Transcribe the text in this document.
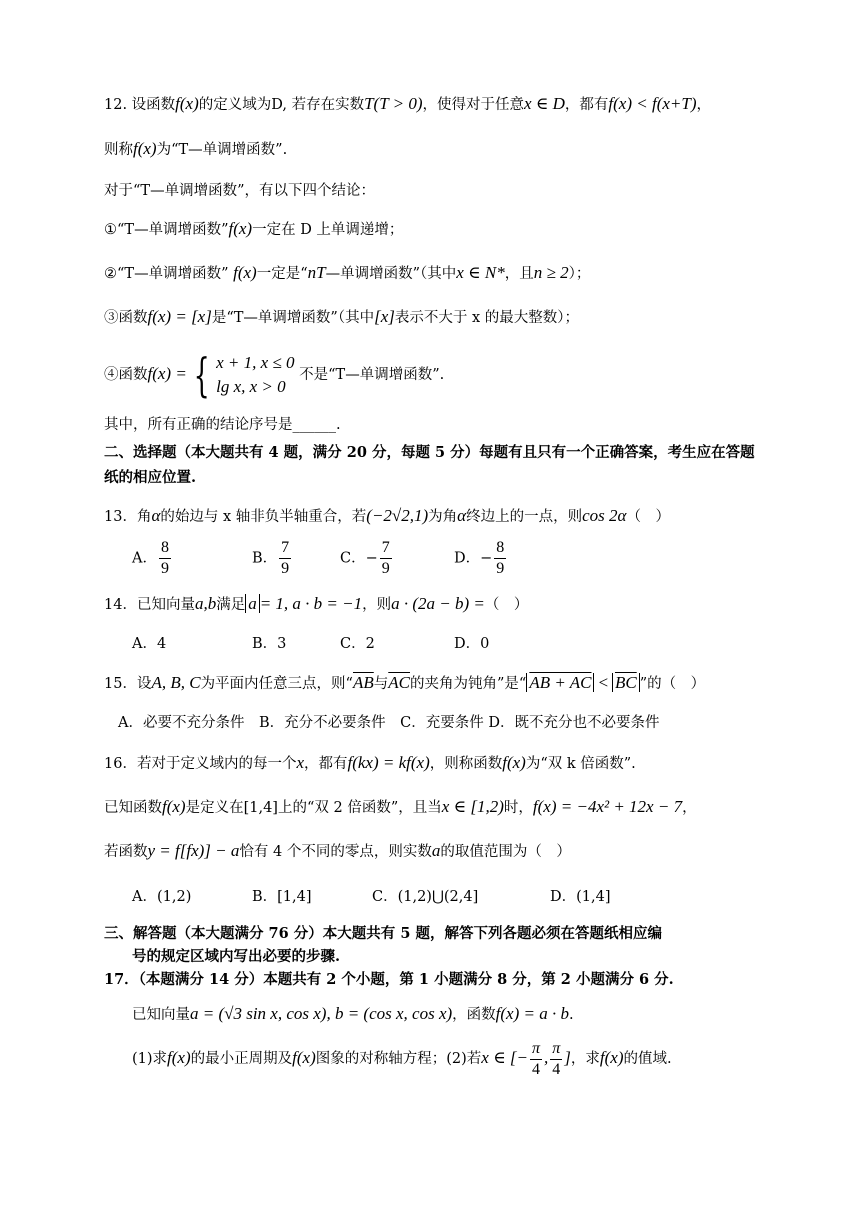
12. 设函数f(x)的定义域为D, 若存在实数T(T > 0)，使得对于任意x ∈ D，都有f(x) < f(x+T)，
则称f(x)为“T—单调增函数”.
对于“T—单调增函数”，有以下四个结论：
①“T—单调增函数”f(x)一定在 D 上单调递增；
②“T—单调增函数” f(x)一定是“nT—单调增函数”（其中x ∈ N*，且n ≥ 2）；
③函数f(x) = [x]是“T—单调增函数”（其中[x]表示不大于 x 的最大整数）；
④函数f(x) = { x + 1, x ≤ 0
lg x, x > 0
不是“T—单调增函数”.
其中，所有正确的结论序号是______.
二、选择题（本大题共有 4 题，满分 20 分，每题 5 分）每题有且只有一个正确答案，考生应在答题
纸的相应位置.
13．角α的始边与 x 轴非负半轴重合，若(−2√2,1)为角α终边上的一点，则cos 2α（　）
A． $\frac{8}{9}$	B． $\frac{7}{9}$	C．− $\frac{7}{9}$	D．− $\frac{8}{9}$
14．已知向量a,b满足 a = 1, a · b = −1，则a · (2a − b) =（　）
A．4	B．3	C．2	D．0
15．设A, B, C为平面内任意三点，则“$\overline{AB}$与$\overline{AC}$的夹角为钝角”是“ AB + AC < $\overline{BC}$ ”的（　）
A．必要不充分条件　B．充分不必要条件　C．充要条件 D．既不充分也不必要条件
16．若对于定义域内的每一个x，都有f(kx) = kf(x)，则称函数f(x)为“双 k 倍函数”.
已知函数f(x)是定义在[1,4]上的“双 2 倍函数”，且当x ∈ [1,2)时，f(x) = −4x² + 12x − 7，
若函数y = f[fx)] − a恰有 4 个不同的零点，则实数a的取值范围为（　）
A．(1,2)	B．[1,4]	C．(1,2)⋃(2,4]	D．(1,4]
三、解答题（本大题满分 76 分）本大题共有 5 题，解答下列各题必须在答题纸相应编
号的规定区域内写出必要的步骤.
17．（本题满分 14 分）本题共有 2 个小题，第 1 小题满分 8 分，第 2 小题满分 6 分.
已知向量a = (√3 sin x, cos x), b = (cos x, cos x)，函数f(x) = a · b.
(1)求f(x)的最小正周期及f(x)图象的对称轴方程；(2)若x ∈ [− $\frac{\pi}{4}$ , $\frac{\pi}{4}$ ]，求f(x)的值域.
